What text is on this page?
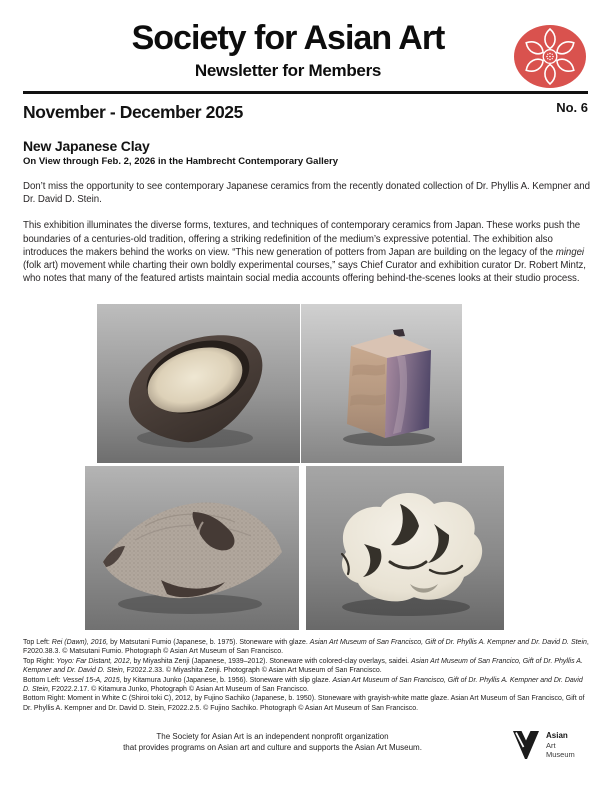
Society for Asian Art
Newsletter for Members
November - December 2025	No. 6
New Japanese Clay
On View through Feb. 2, 2026 in the Hambrecht Contemporary Gallery

Don’t miss the opportunity to see contemporary Japanese ceramics from the recently donated collection of Dr. Phyllis A. Kempner and Dr. David D. Stein.

This exhibition illuminates the diverse forms, textures, and techniques of contemporary ceramics from Japan. These works push the boundaries of a centuries-old tradition, offering a striking redefinition of the medium’s expressive potential. The exhibition also introduces the makers behind the works on view. “This new generation of potters from Japan are building on the legacy of the mingei (folk art) movement while charting their own boldly experimental courses,” says Chief Curator and exhibition curator Dr. Robert Mintz, who notes that many of the featured artists maintain social media accounts offering behind-the-scenes looks at their studio process.

Top Left: Rei (Dawn), 2016, by Matsutani Fumio (Japanese, b. 1975). Stoneware with glaze. Asian Art Museum of San Francisco, Gift of Dr. Phyllis A. Kempner and Dr. David D. Stein, F2020.38.3. © Matsutani Fumio. Photograph © Asian Art Museum of San Francisco.

Top Right: Yoyo: Far Distant, 2012, by Miyashita Zenji (Japanese, 1939–2012). Stoneware with colored-clay overlays, saidei. Asian Art Museum of San Francico, Gift of Dr. Phyllis A. Kempner and Dr. David D. Stein, F2022.2.33. © Miyashita Zenji. Photograph © Asian Art Museum of San Francisco.

Bottom Left: Vessel 15-A, 2015, by Kitamura Junko (Japanese, b. 1956). Stoneware with slip glaze. Asian Art Museum of San Francisco, Gift of Dr. Phyllis A. Kempner and Dr. David D. Stein, F2022.2.17. © Kitamura Junko, Photograph © Asian Art Museum of San Francisco.

Bottom Right: Moment in White C (Shiroi toki C), 2012, by Fujino Sachiko (Japanese, b. 1950). Stoneware with grayish-white matte glaze. Asian Art Museum of San Francisco, Gift of Dr. Phyllis A. Kempner and Dr. David D. Stein, F2022.2.5. © Fujino Sachiko. Photograph © Asian Art Museum of San Francisco.

The Society for Asian Art is an independent nonprofit organization
that provides programs on Asian art and culture and supports the Asian Art Museum.
Asian
Art
Museum
